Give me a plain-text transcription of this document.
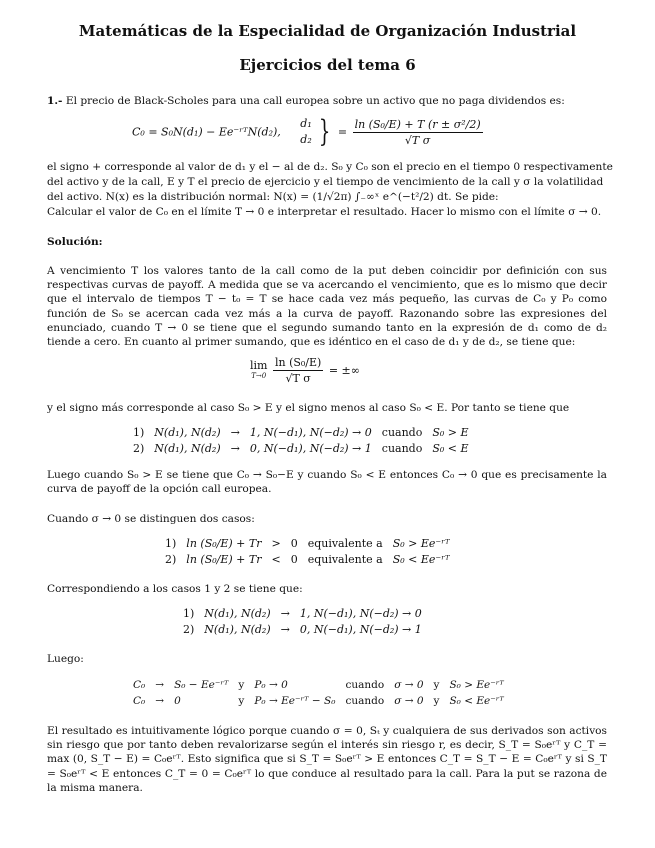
Matemáticas de la Especialidad de Organización Industrial
Ejercicios del tema 6
1.- El precio de Black-Scholes para una call europea sobre un activo que no paga dividendos es:
C₀ = S₀N(d₁) − Ee⁻ʳᵀN(d₂),
d₁
d₂ } = $\frac{\text{ln (S₀/E) + T (r ± σ²/2)}}{\text{√T σ}}$
el signo + corresponde al valor de d₁ y el − al de d₂. S₀ y C₀ son el precio en el tiempo 0 respectivamente
del activo y de la call, E y T el precio de ejercicio y el tiempo de vencimiento de la call y σ la volatilidad
del activo. N(x) es la distribución normal: N(x) = (1/√2π) ∫₋∞ˣ e^(−t²/2) dt. Se pide:
Calcular el valor de C₀ en el límite T → 0 e interpretar el resultado. Hacer lo mismo con el límite σ → 0.
Solución:
A vencimiento T los valores tanto de la call como de la put deben coincidir por definición con sus respectivas curvas de payoff. A medida que se va acercando el vencimiento, que es lo mismo que decir que el intervalo de tiempos T − t₀ = T se hace cada vez más pequeño, las curvas de C₀ y P₀ como función de S₀ se acercan cada vez más a la curva de payoff. Razonando sobre las expresiones del enunciado, cuando T → 0 se tiene que el segundo sumando tanto en la expresión de d₁ como de d₂ tiende a cero. En cuanto al primer sumando, que es idéntico en el caso de d₁ y de d₂, se tiene que:
lim
T→0
$\frac{\text{ln (S₀/E)}}{\text{√T σ}}$ = ±∞
y el signo más corresponde al caso S₀ > E y el signo menos al caso S₀ < E. Por tanto se tiene que
1)	N(d₁), N(d₂)	→	1, N(−d₁), N(−d₂) → 0	cuando	S₀ > E
2)	N(d₁), N(d₂)	→	0, N(−d₁), N(−d₂) → 1	cuando	S₀ < E
Luego cuando S₀ > E se tiene que C₀ → S₀−E y cuando S₀ < E entonces C₀ → 0 que es precisamente la curva de payoff de la opción call europea.
Cuando σ → 0 se distinguen dos casos:
1)	ln (S₀/E) + Tr	>	0	equivalente a	S₀ > Ee⁻ʳᵀ
2)	ln (S₀/E) + Tr	<	0	equivalente a	S₀ < Ee⁻ʳᵀ
Correspondiendo a los casos 1 y 2 se tiene que:
1)	N(d₁), N(d₂)	→	1, N(−d₁), N(−d₂) → 0
2)	N(d₁), N(d₂)	→	0, N(−d₁), N(−d₂) → 1
Luego:
C₀	→	S₀ − Ee⁻ʳᵀ	y	P₀ → 0	cuando	σ → 0	y	S₀ > Ee⁻ʳᵀ
C₀	→	0	y	P₀ → Ee⁻ʳᵀ − S₀	cuando	σ → 0	y	S₀ < Ee⁻ʳᵀ
El resultado es intuitivamente lógico porque cuando σ = 0, Sₜ y cualquiera de sus derivados son activos sin riesgo que por tanto deben revalorizarse según el interés sin riesgo r, es decir, S_T = S₀eʳᵀ y C_T = max (0, S_T − E) = C₀eʳᵀ. Esto significa que si S_T = S₀eʳᵀ > E entonces C_T = S_T − E = C₀eʳᵀ y si S_T = S₀eʳᵀ < E entonces C_T = 0 = C₀eʳᵀ lo que conduce al resultado para la call. Para la put se razona de la misma manera.
